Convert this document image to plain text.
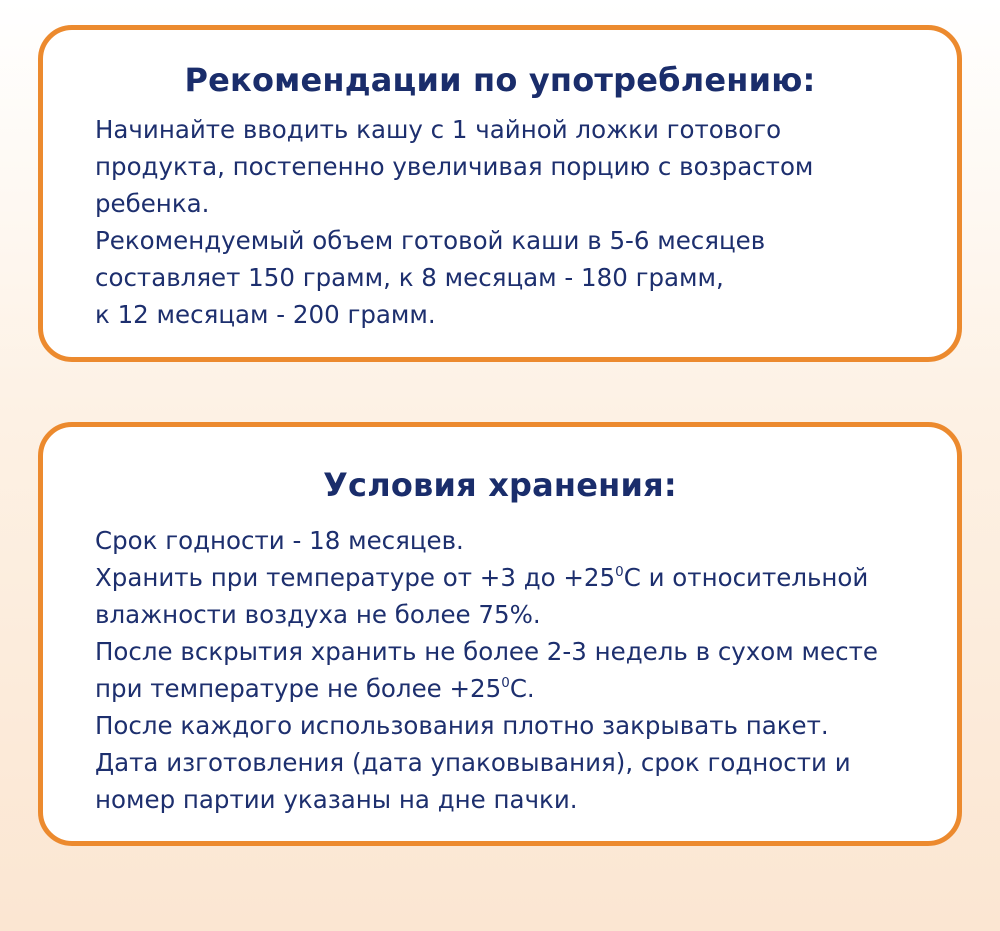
Рекомендации по употреблению:

Начинайте вводить кашу с 1 чайной ложки готового
продукта, постепенно увеличивая порцию с возрастом
ребенка.
Рекомендуемый объем готовой каши в 5-6 месяцев
составляет 150 грамм, к 8 месяцам - 180 грамм,
к 12 месяцам - 200 грамм.

Условия хранения:

Срок годности - 18 месяцев.
Хранить при температуре от +3 до $+25^0С$ и относительной
влажности воздуха не более 75%.
После вскрытия хранить не более 2-3 недель в сухом месте
при температуре не более $+25^0С$.
После каждого использования плотно закрывать пакет.
Дата изготовления (дата упаковывания), срок годности и
номер партии указаны на дне пачки.
